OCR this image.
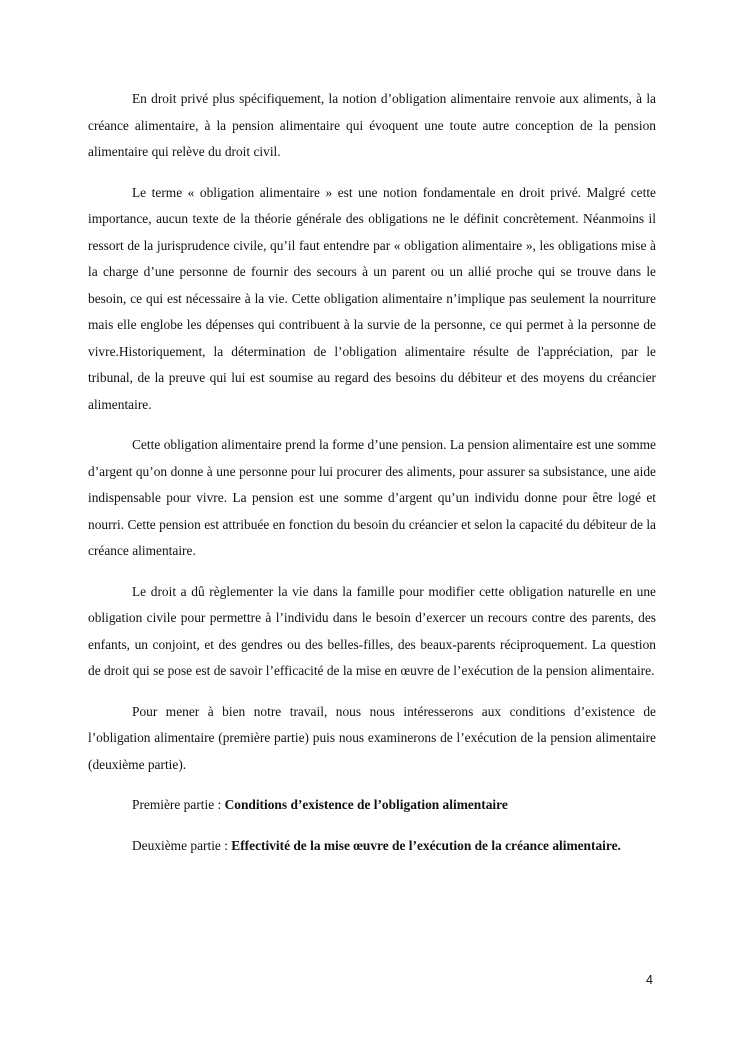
En droit privé plus spécifiquement, la notion d’obligation alimentaire renvoie aux aliments, à la créance alimentaire, à la pension alimentaire qui évoquent une toute autre conception de la pension alimentaire qui relève du droit civil.

Le terme « obligation alimentaire » est une notion fondamentale en droit privé. Malgré cette importance, aucun texte de la théorie générale des obligations ne le définit concrètement. Néanmoins il ressort de la jurisprudence civile, qu’il faut entendre par « obligation alimentaire », les obligations mise à la charge d’une personne de fournir des secours à un parent ou un allié proche qui se trouve dans le besoin, ce qui est nécessaire à la vie. Cette obligation alimentaire n’implique pas seulement la nourriture mais elle englobe les dépenses qui contribuent à la survie de la personne, ce qui permet à la personne de vivre.Historiquement, la détermination de l’obligation alimentaire résulte de l'appréciation, par le tribunal, de la preuve qui lui est soumise au regard des besoins du débiteur et des moyens du créancier alimentaire.

Cette obligation alimentaire prend la forme d’une pension. La pension alimentaire est une somme d’argent qu’on donne à une personne pour lui procurer des aliments, pour assurer sa subsistance, une aide indispensable pour vivre. La pension est une somme d’argent qu’un individu donne pour être logé et nourri. Cette pension est attribuée en fonction du besoin du créancier et selon la capacité du débiteur de la créance alimentaire.

Le droit a dû règlementer la vie dans la famille pour modifier cette obligation naturelle en une obligation civile pour permettre à l’individu dans le besoin d’exercer un recours contre des parents, des enfants, un conjoint, et des gendres ou des belles-filles, des beaux-parents réciproquement. La question de droit qui se pose est de savoir l’efficacité de la mise en œuvre de l’exécution de la pension alimentaire.

Pour mener à bien notre travail, nous nous intéresserons aux conditions d’existence de l’obligation alimentaire (première partie) puis nous examinerons de l’exécution de la pension alimentaire (deuxième partie).

Première partie : Conditions d’existence de l’obligation alimentaire

Deuxième partie : Effectivité de la mise œuvre de l’exécution de la créance alimentaire.

4
